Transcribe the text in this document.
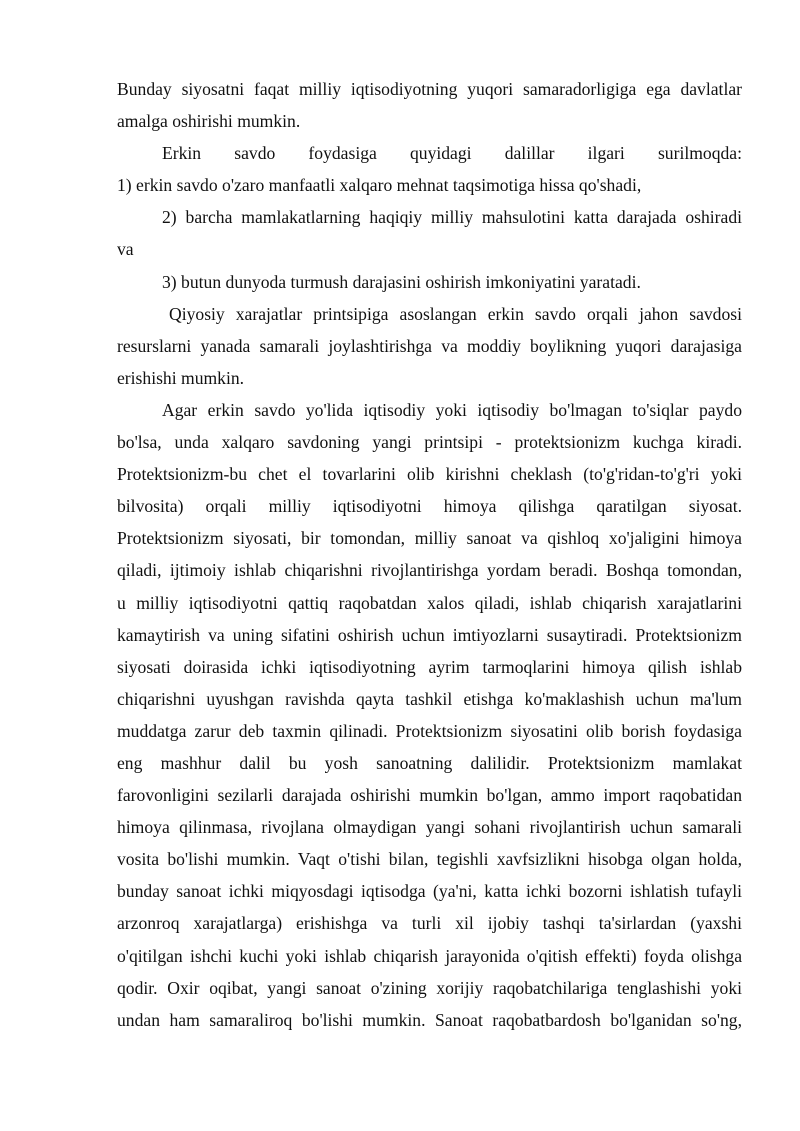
Bunday siyosatni faqat milliy iqtisodiyotning yuqori samaradorligiga ega davlatlar
amalga oshirishi mumkin.
Erkin savdo foydasiga quyidagi dalillar ilgari surilmoqda:
1) erkin savdo o'zaro manfaatli xalqaro mehnat taqsimotiga hissa qo'shadi,
2) barcha mamlakatlarning haqiqiy milliy mahsulotini katta darajada oshiradi
va
3) butun dunyoda turmush darajasini oshirish imkoniyatini yaratadi.
Qiyosiy xarajatlar printsipiga asoslangan erkin savdo orqali jahon savdosi
resurslarni yanada samarali joylashtirishga va moddiy boylikning yuqori darajasiga
erishishi mumkin.
Agar erkin savdo yo'lida iqtisodiy yoki iqtisodiy bo'lmagan to'siqlar paydo
bo'lsa, unda xalqaro savdoning yangi printsipi - protektsionizm kuchga kiradi.
Protektsionizm-bu chet el tovarlarini olib kirishni cheklash (to'g'ridan-to'g'ri yoki
bilvosita) orqali milliy iqtisodiyotni himoya qilishga qaratilgan siyosat.
Protektsionizm siyosati, bir tomondan, milliy sanoat va qishloq xo'jaligini himoya
qiladi, ijtimoiy ishlab chiqarishni rivojlantirishga yordam beradi. Boshqa tomondan,
u milliy iqtisodiyotni qattiq raqobatdan xalos qiladi, ishlab chiqarish xarajatlarini
kamaytirish va uning sifatini oshirish uchun imtiyozlarni susaytiradi. Protektsionizm
siyosati doirasida ichki iqtisodiyotning ayrim tarmoqlarini himoya qilish ishlab
chiqarishni uyushgan ravishda qayta tashkil etishga ko'maklashish uchun ma'lum
muddatga zarur deb taxmin qilinadi. Protektsionizm siyosatini olib borish foydasiga
eng mashhur dalil bu yosh sanoatning dalilidir. Protektsionizm mamlakat
farovonligini sezilarli darajada oshirishi mumkin bo'lgan, ammo import raqobatidan
himoya qilinmasa, rivojlana olmaydigan yangi sohani rivojlantirish uchun samarali
vosita bo'lishi mumkin. Vaqt o'tishi bilan, tegishli xavfsizlikni hisobga olgan holda,
bunday sanoat ichki miqyosdagi iqtisodga (ya'ni, katta ichki bozorni ishlatish tufayli
arzonroq xarajatlarga) erishishga va turli xil ijobiy tashqi ta'sirlardan (yaxshi
o'qitilgan ishchi kuchi yoki ishlab chiqarish jarayonida o'qitish effekti) foyda olishga
qodir. Oxir oqibat, yangi sanoat o'zining xorijiy raqobatchilariga tenglashishi yoki
undan ham samaraliroq bo'lishi mumkin. Sanoat raqobatbardosh bo'lganidan so'ng,
